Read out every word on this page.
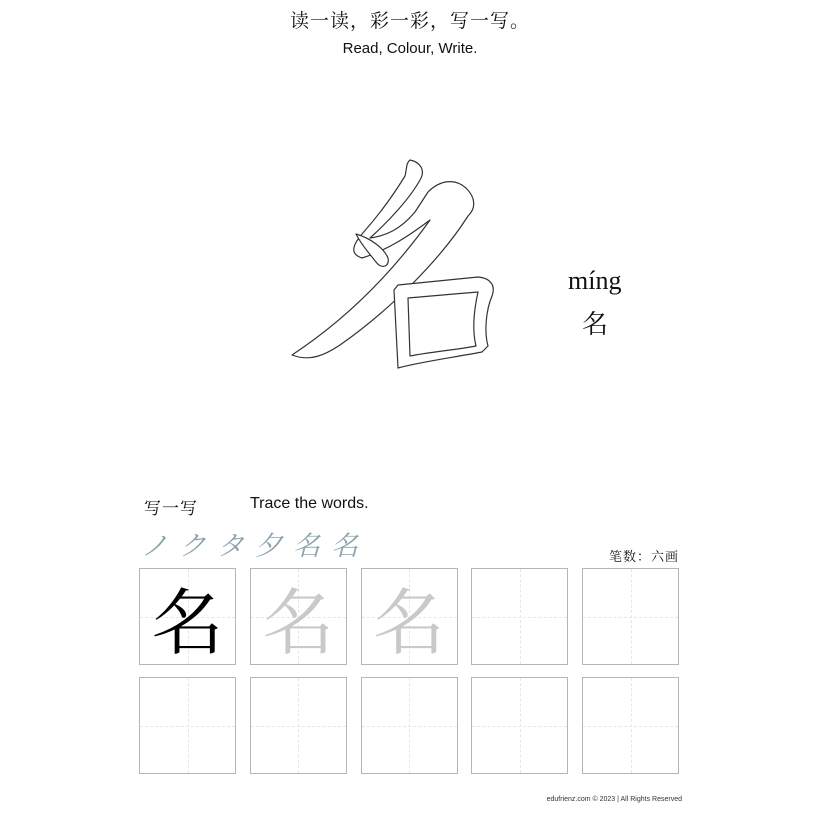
读一读，彩一彩，写一写。
Read, Colour, Write.
míng
名
写一写	Trace the words.
ノ ク タ 夕 名 名	笔数：六画
名 名 名
edufrienz.com © 2023 | All Rights Reserved
